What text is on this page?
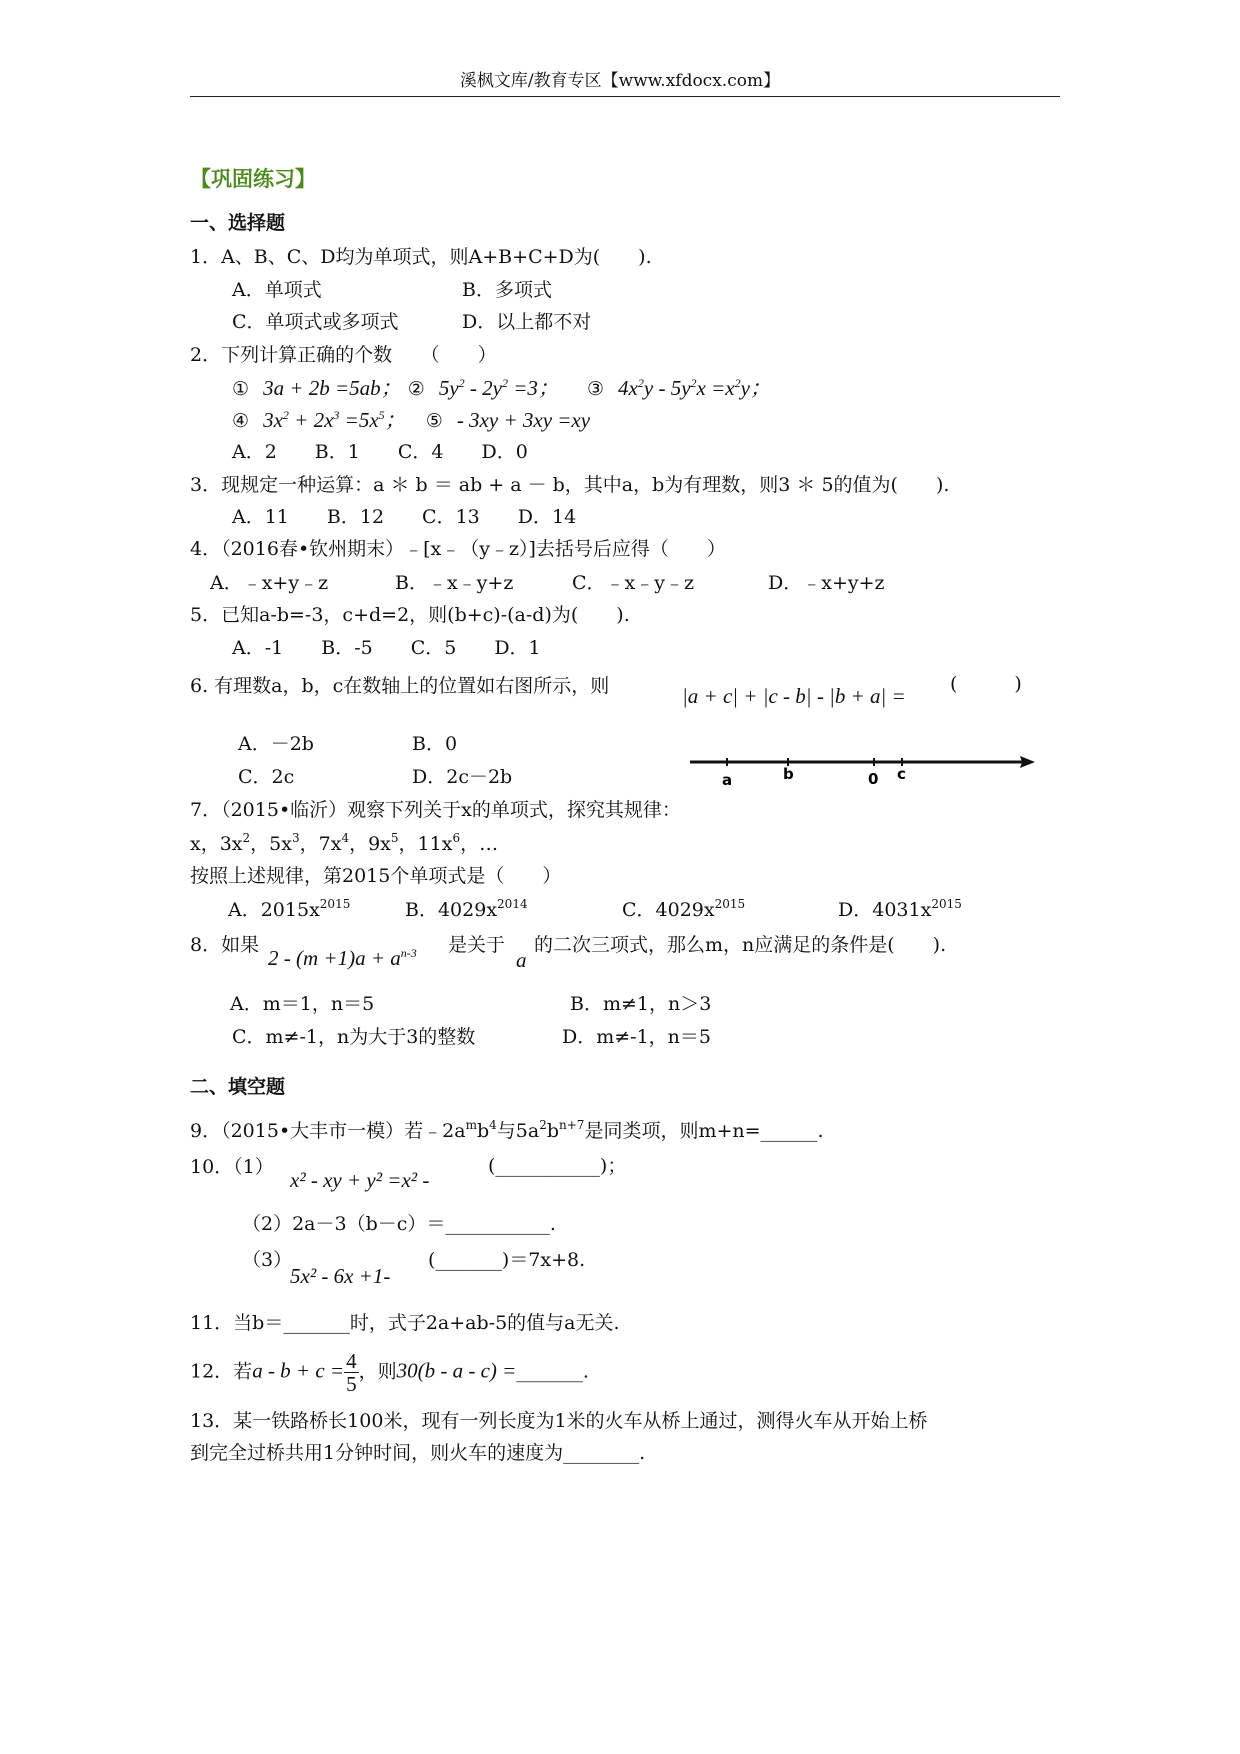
溪枫文库/教育专区【www.xfdocx.com】
【巩固练习】
一、选择题
1．A、B、C、D均为单项式，则A+B+C+D为(　　).
A．单项式	B．多项式
C．单项式或多项式	D．以上都不对
2．下列计算正确的个数　　（　　）
① 3a + 2b =5ab； ② $5y^2 - 2y^2 =3$； ③ $4x^2y - 5y^2x =x^2y$；
④ $3x^2 + 2x^3 =5x^5$； ⑤ - 3xy + 3xy =xy
A．2　　B．1　　C．4　　D．0
3．现规定一种运算：a ＊ b ＝ ab + a － b，其中a，b为有理数，则3 ＊ 5的值为(　　).
A．11　　B．12　　C．13　　D．14
4．（2016春•钦州期末）﹣[x﹣（y﹣z）]去括号后应得（　　）
A．﹣x+y﹣z	B．﹣x﹣y+z	C．﹣x﹣y﹣z	D．﹣x+y+z
5．已知a-b=-3，c+d=2，则(b+c)-(a-d)为(　　).
A．-1　　B．-5　　C．5　　D．1
6. 有理数a，b，c在数轴上的位置如右图所示，则	|a + c| + |c - b| - |b + a| = (　　　)
A．－2b	B．0
C．2c	D．2c－2b	a	b	0 c
7．（2015•临沂）观察下列关于x的单项式，探究其规律：
x，$3x^2$，$5x^3$，$7x^4$，$9x^5$，$11x^6$，…
按照上述规律，第2015个单项式是（　　）
A．$2015x^{2015}$	B．$4029x^{2014}$	C．$4029x^{2015}$	D．$4031x^{2015}$
8．如果
$2 - (m +1)a + a^{n-3}$ 是关于
a
的二次三项式，那么m，n应满足的条件是(　　).
A．m＝1，n＝5	B．m≠1，n＞3
C．m≠-1，n为大于3的整数	D．m≠-1，n＝5
二、填空题
9．（2015•大丰市一模）若$﹣2a^mb^4$与$5a^2b^{n+7}$是同类项，则m+n=______.
10．（1）
x² - xy + y² =x² -
(___________)；
（2）2a－3（b－c）＝___________.
（3）
5x² - 6x +1-
(_______)＝7x+8.
11．当b＝_______时，式子2a+ab-5的值与a无关.
12．若$a - b + c = \frac{4}{5}$ ，则30(b - a - c) =_______.
13．某一铁路桥长100米，现有一列长度为1米的火车从桥上通过，测得火车从开始上桥
到完全过桥共用1分钟时间，则火车的速度为________.
